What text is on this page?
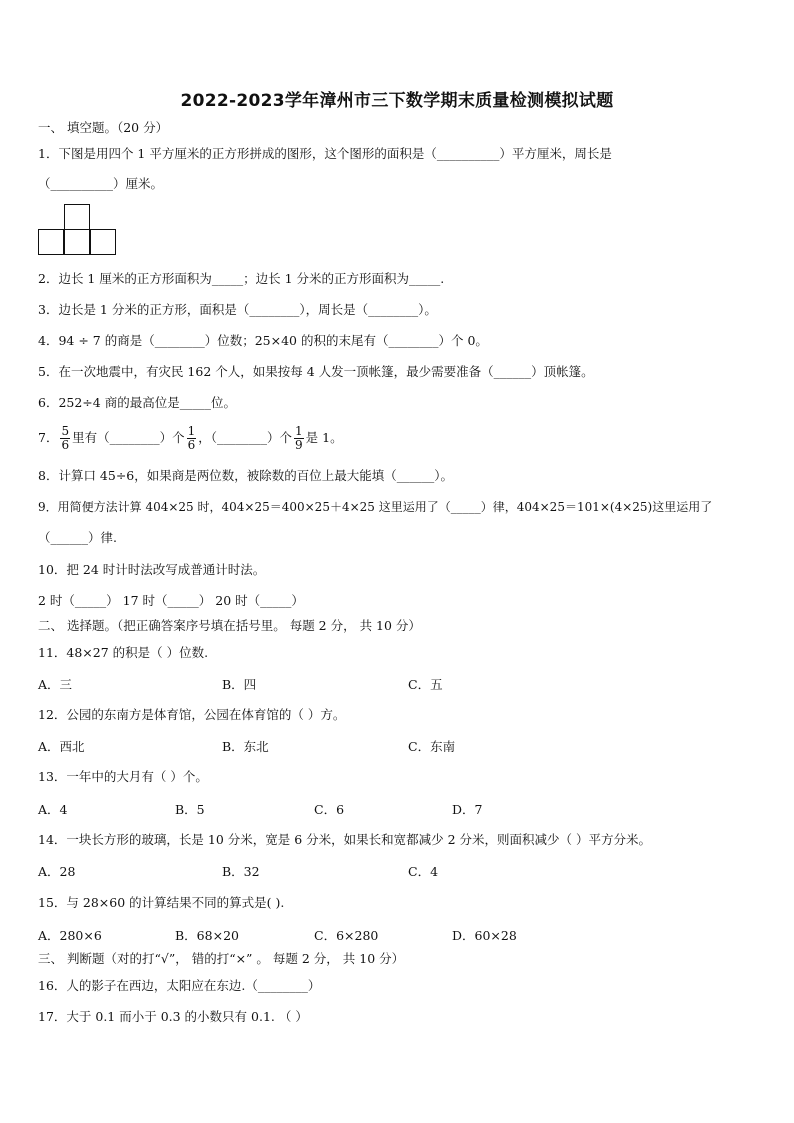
2022-2023学年漳州市三下数学期末质量检测模拟试题
一、 填空题。（20 分）
1．下图是用四个 1 平方厘米的正方形拼成的图形，这个图形的面积是（__________）平方厘米，周长是
（__________）厘米。
2．边长 1 厘米的正方形面积为_____；边长 1 分米的正方形面积为_____.
3．边长是 1 分米的正方形，面积是（________），周长是（________）。
4．94 ÷ 7 的商是（________）位数；25×40 的积的末尾有（________）个 0。
5．在一次地震中，有灾民 162 个人，如果按每 4 人发一顶帐篷，最少需要准备（______）顶帐篷。
6．252÷4 商的最高位是_____位。
7． $\frac{5}{6}$ 里有（________）个 $\frac{1}{6}$ ，（________）个 $\frac{1}{9}$ 是 1。
8．计算口 45÷6，如果商是两位数，被除数的百位上最大能填（______）。
9．用简便方法计算 404×25 时，404×25＝400×25＋4×25 这里运用了（_____）律，404×25＝101×(4×25)这里运用了
（______）律.
10．把 24 时计时法改写成普通计时法。
2 时（_____） 17 时（_____） 20 时（_____）
二、 选择题。（把正确答案序号填在括号里。 每题 2 分， 共 10 分）
11．48×27 的积是（ ）位数.
A．三	B．四	C．五
12．公园的东南方是体育馆，公园在体育馆的（ ）方。
A．西北	B．东北	C．东南
13．一年中的大月有（ ）个。
A．4	B．5	C．6	D．7
14．一块长方形的玻璃，长是 10 分米，宽是 6 分米，如果长和宽都减少 2 分米，则面积减少（ ）平方分米。
A．28	B．32	C．4
15．与 28×60 的计算结果不同的算式是( ).
A．280×6	B．68×20	C．6×280	D．60×28
三、 判断题（对的打“√”， 错的打“×” 。 每题 2 分， 共 10 分）
16．人的影子在西边，太阳应在东边.（________）
17．大于 0.1 而小于 0.3 的小数只有 0.1. （ ）
